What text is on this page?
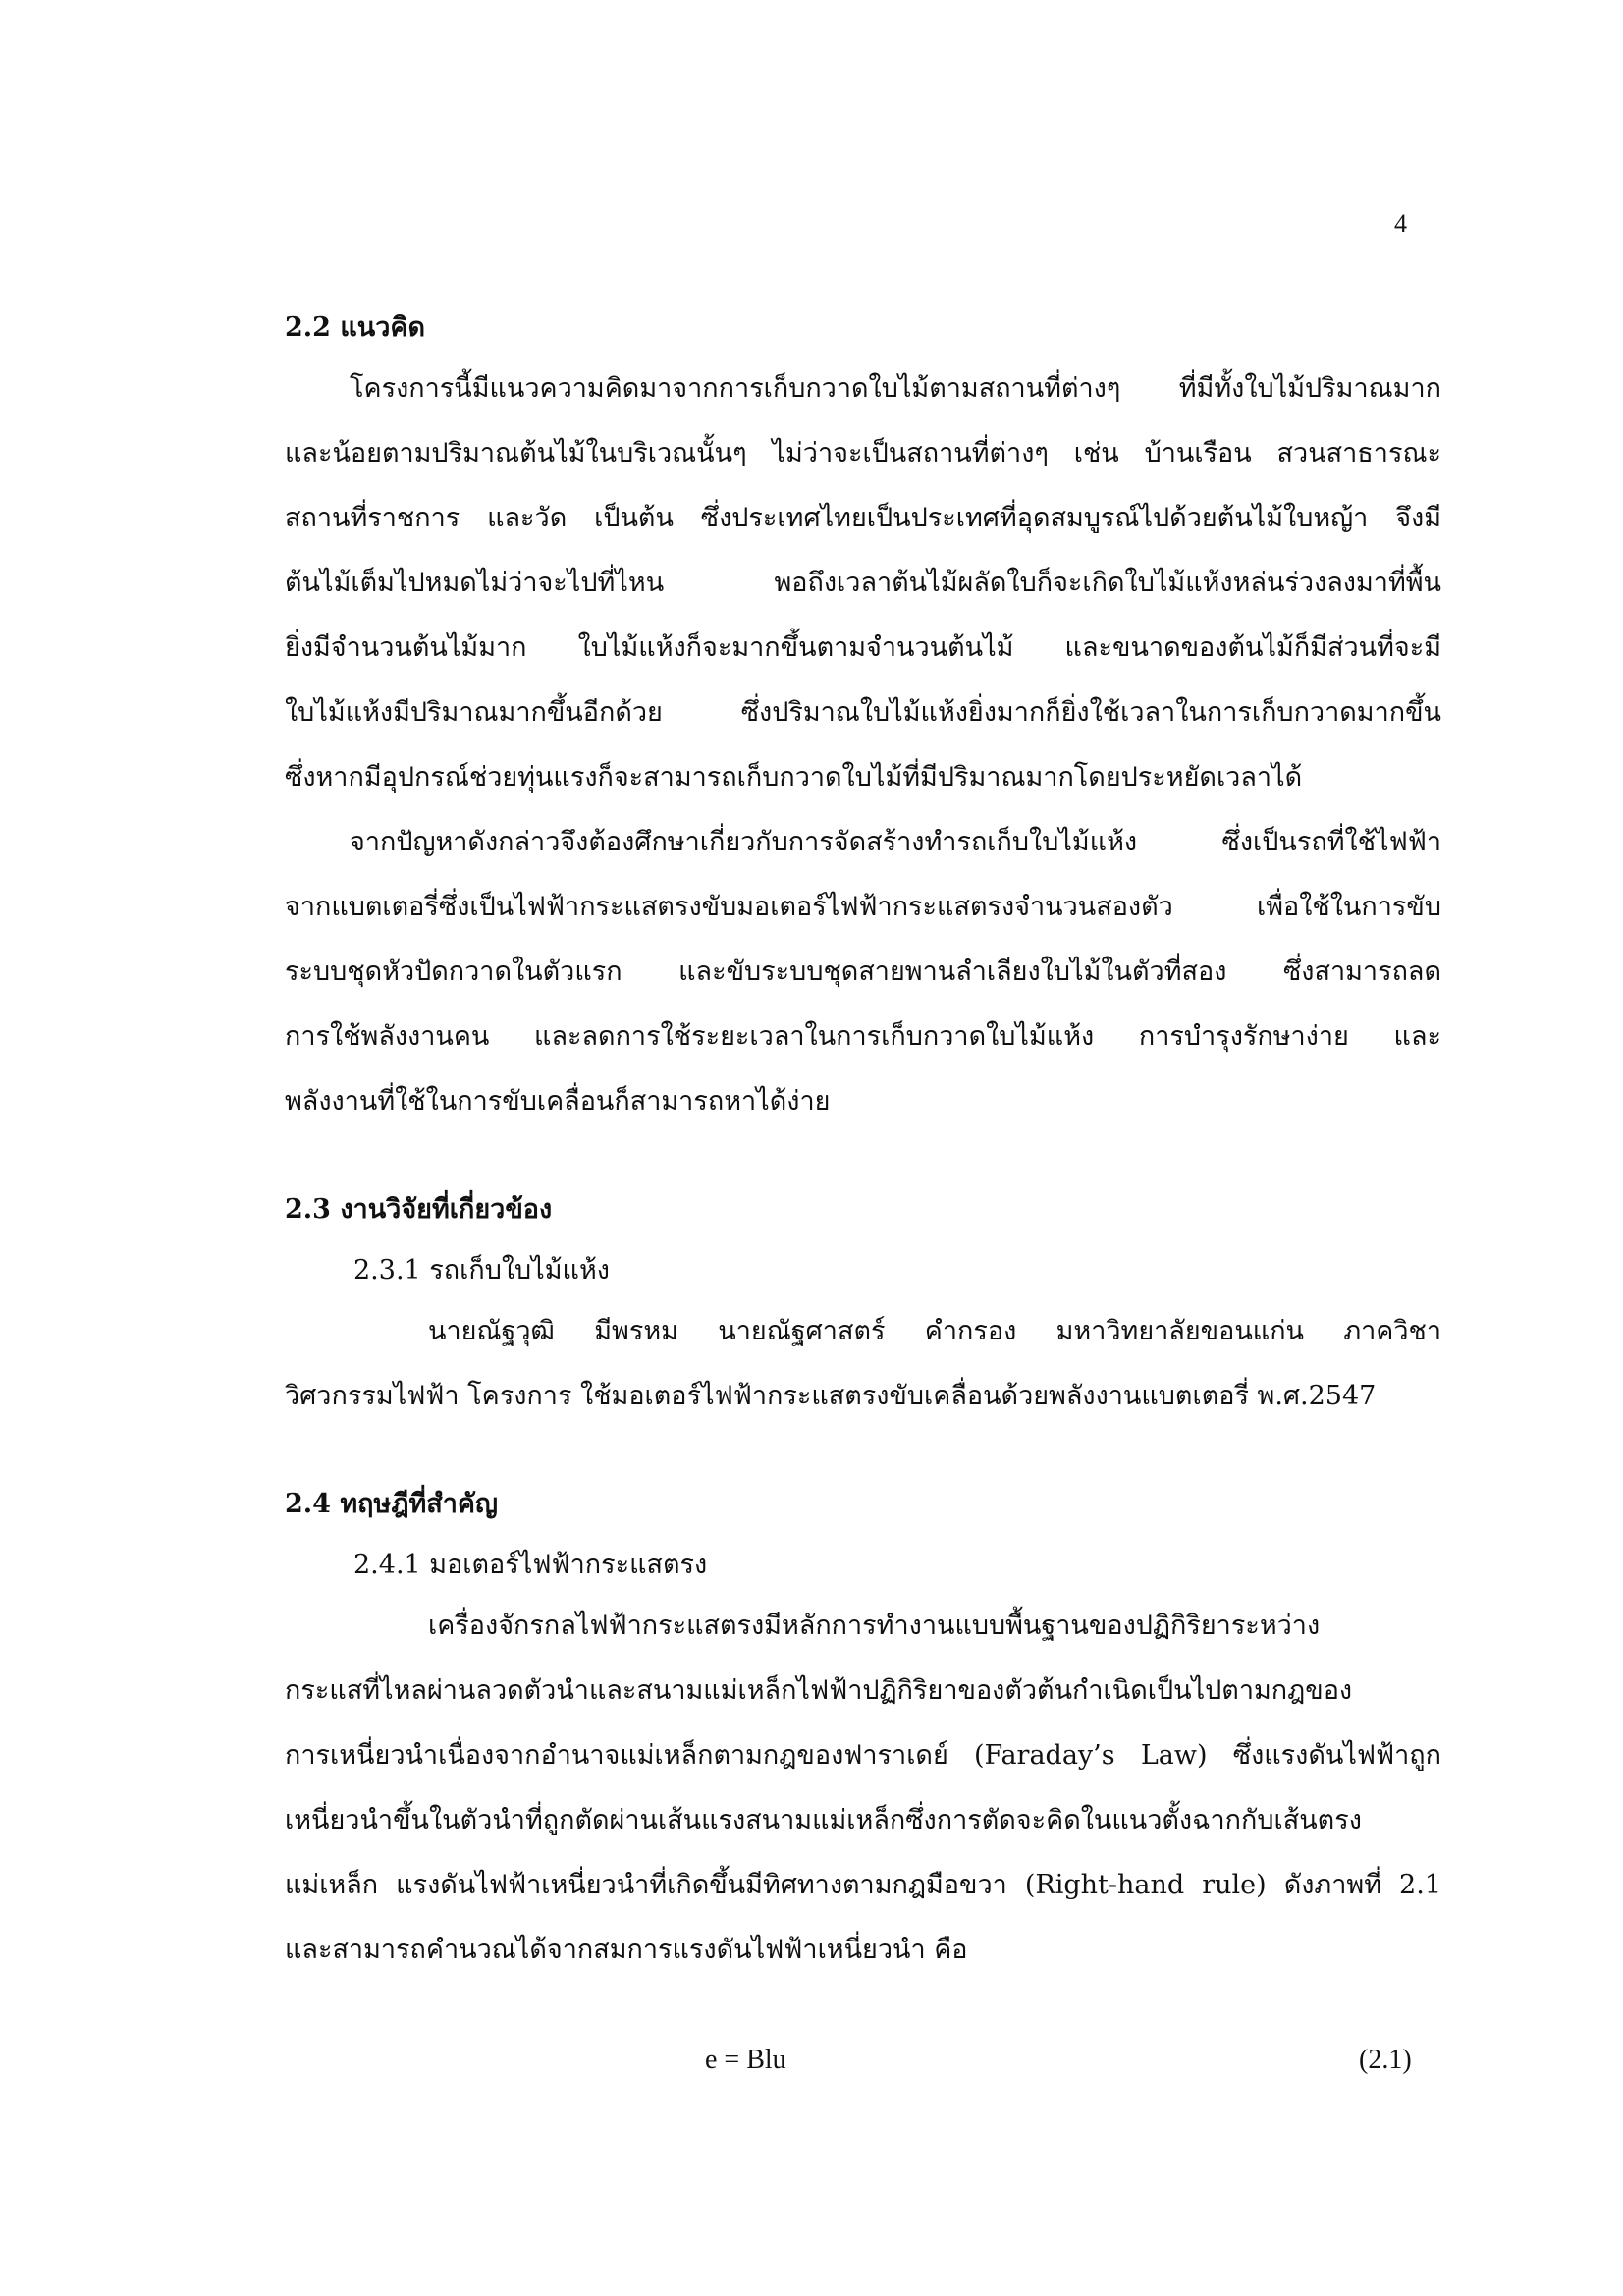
4
2.2 แนวคิด
โครงการนี้มีแนวความคิดมาจากการเก็บกวาดใบไม้ตามสถานที่ต่างๆ ที่มีทั้งใบไม้ปริมาณมาก
และน้อยตามปริมาณต้นไม้ในบริเวณนั้นๆ ไม่ว่าจะเป็นสถานที่ต่างๆ เช่น บ้านเรือน สวนสาธารณะ
สถานที่ราชการ และวัด เป็นต้น ซึ่งประเทศไทยเป็นประเทศที่อุดสมบูรณ์ไปด้วยต้นไม้ใบหญ้า จึงมี
ต้นไม้เต็มไปหมดไม่ว่าจะไปที่ไหน พอถึงเวลาต้นไม้ผลัดใบก็จะเกิดใบไม้แห้งหล่นร่วงลงมาที่พื้น
ยิ่งมีจำนวนต้นไม้มาก ใบไม้แห้งก็จะมากขึ้นตามจำนวนต้นไม้ และขนาดของต้นไม้ก็มีส่วนที่จะมี
ใบไม้แห้งมีปริมาณมากขึ้นอีกด้วย ซึ่งปริมาณใบไม้แห้งยิ่งมากก็ยิ่งใช้เวลาในการเก็บกวาดมากขึ้น
ซึ่งหากมีอุปกรณ์ช่วยทุ่นแรงก็จะสามารถเก็บกวาดใบไม้ที่มีปริมาณมากโดยประหยัดเวลาได้
จากปัญหาดังกล่าวจึงต้องศึกษาเกี่ยวกับการจัดสร้างทำรถเก็บใบไม้แห้ง ซึ่งเป็นรถที่ใช้ไฟฟ้า
จากแบตเตอรี่ซึ่งเป็นไฟฟ้ากระแสตรงขับมอเตอร์ไฟฟ้ากระแสตรงจำนวนสองตัว เพื่อใช้ในการขับ
ระบบชุดหัวปัดกวาดในตัวแรก และขับระบบชุดสายพานลำเลียงใบไม้ในตัวที่สอง ซึ่งสามารถลด
การใช้พลังงานคน และลดการใช้ระยะเวลาในการเก็บกวาดใบไม้แห้ง การบำรุงรักษาง่าย และ
พลังงานที่ใช้ในการขับเคลื่อนก็สามารถหาได้ง่าย
2.3 งานวิจัยที่เกี่ยวข้อง
2.3.1 รถเก็บใบไม้แห้ง
นายณัฐวุฒิ มีพรหม นายณัฐศาสตร์ คำกรอง มหาวิทยาลัยขอนแก่น ภาควิชา
วิศวกรรมไฟฟ้า โครงการ ใช้มอเตอร์ไฟฟ้ากระแสตรงขับเคลื่อนด้วยพลังงานแบตเตอรี่ พ.ศ.2547
2.4 ทฤษฎีที่สำคัญ
2.4.1 มอเตอร์ไฟฟ้ากระแสตรง
เครื่องจักรกลไฟฟ้ากระแสตรงมีหลักการทำงานแบบพื้นฐานของปฏิกิริยาระหว่าง
กระแสที่ไหลผ่านลวดตัวนำและสนามแม่เหล็กไฟฟ้าปฏิกิริยาของตัวต้นกำเนิดเป็นไปตามกฎของ
การเหนี่ยวนำเนื่องจากอำนาจแม่เหล็กตามกฎของฟาราเดย์ (Faraday’s Law) ซึ่งแรงดันไฟฟ้าถูก
เหนี่ยวนำขึ้นในตัวนำที่ถูกตัดผ่านเส้นแรงสนามแม่เหล็กซึ่งการตัดจะคิดในแนวตั้งฉากกับเส้นตรง
แม่เหล็ก แรงดันไฟฟ้าเหนี่ยวนำที่เกิดขึ้นมีทิศทางตามกฎมือขวา (Right-hand rule) ดังภาพที่ 2.1
และสามารถคำนวณได้จากสมการแรงดันไฟฟ้าเหนี่ยวนำ คือ
e = Blu	(2.1)
